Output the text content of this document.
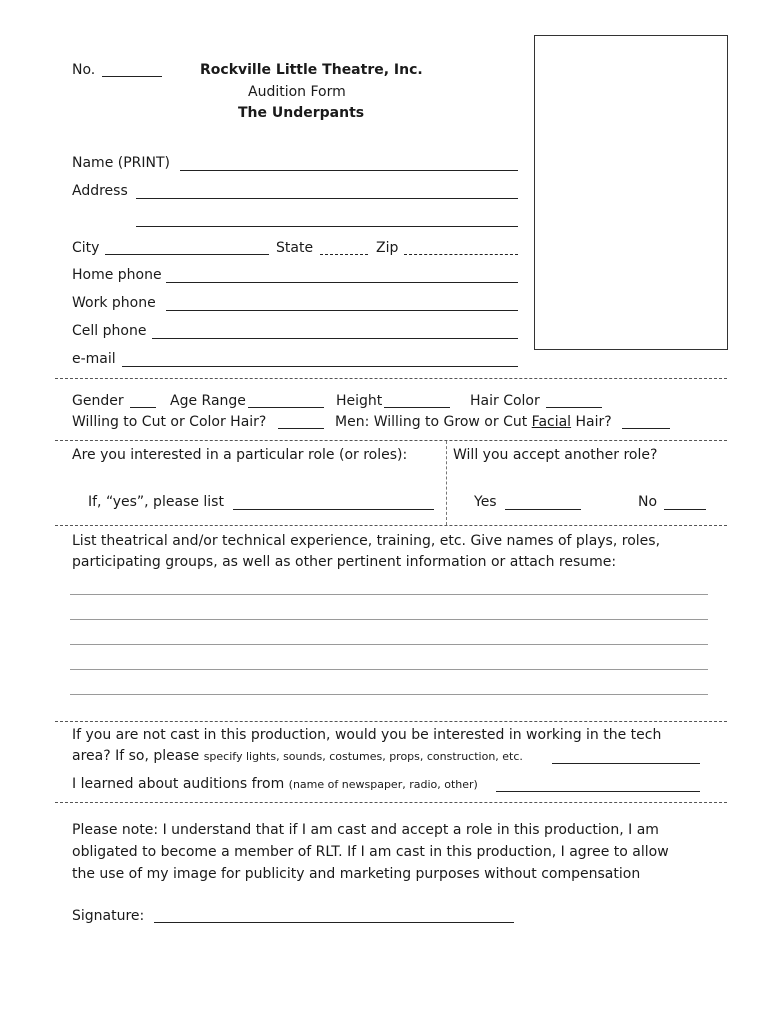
No.	Rockville Little Theatre, Inc.
Audition Form
The Underpants
Name (PRINT)
Address
City	State	Zip
Home phone
Work phone
Cell phone
e-mail
Gender	Age Range	Height	Hair Color
Willing to Cut or Color Hair?	Men: Willing to Grow or Cut Facial Hair?
Are you interested in a particular role (or roles):	Will you accept another role?
If, “yes”, please list	Yes	No
List theatrical and/or technical experience, training, etc. Give names of plays, roles,
participating groups, as well as other pertinent information or attach resume:
If you are not cast in this production, would you be interested in working in the tech
area? If so, please specify lights, sounds, costumes, props, construction, etc.
I learned about auditions from (name of newspaper, radio, other)
Please note: I understand that if I am cast and accept a role in this production, I am
obligated to become a member of RLT. If I am cast in this production, I agree to allow
the use of my image for publicity and marketing purposes without compensation
Signature:
